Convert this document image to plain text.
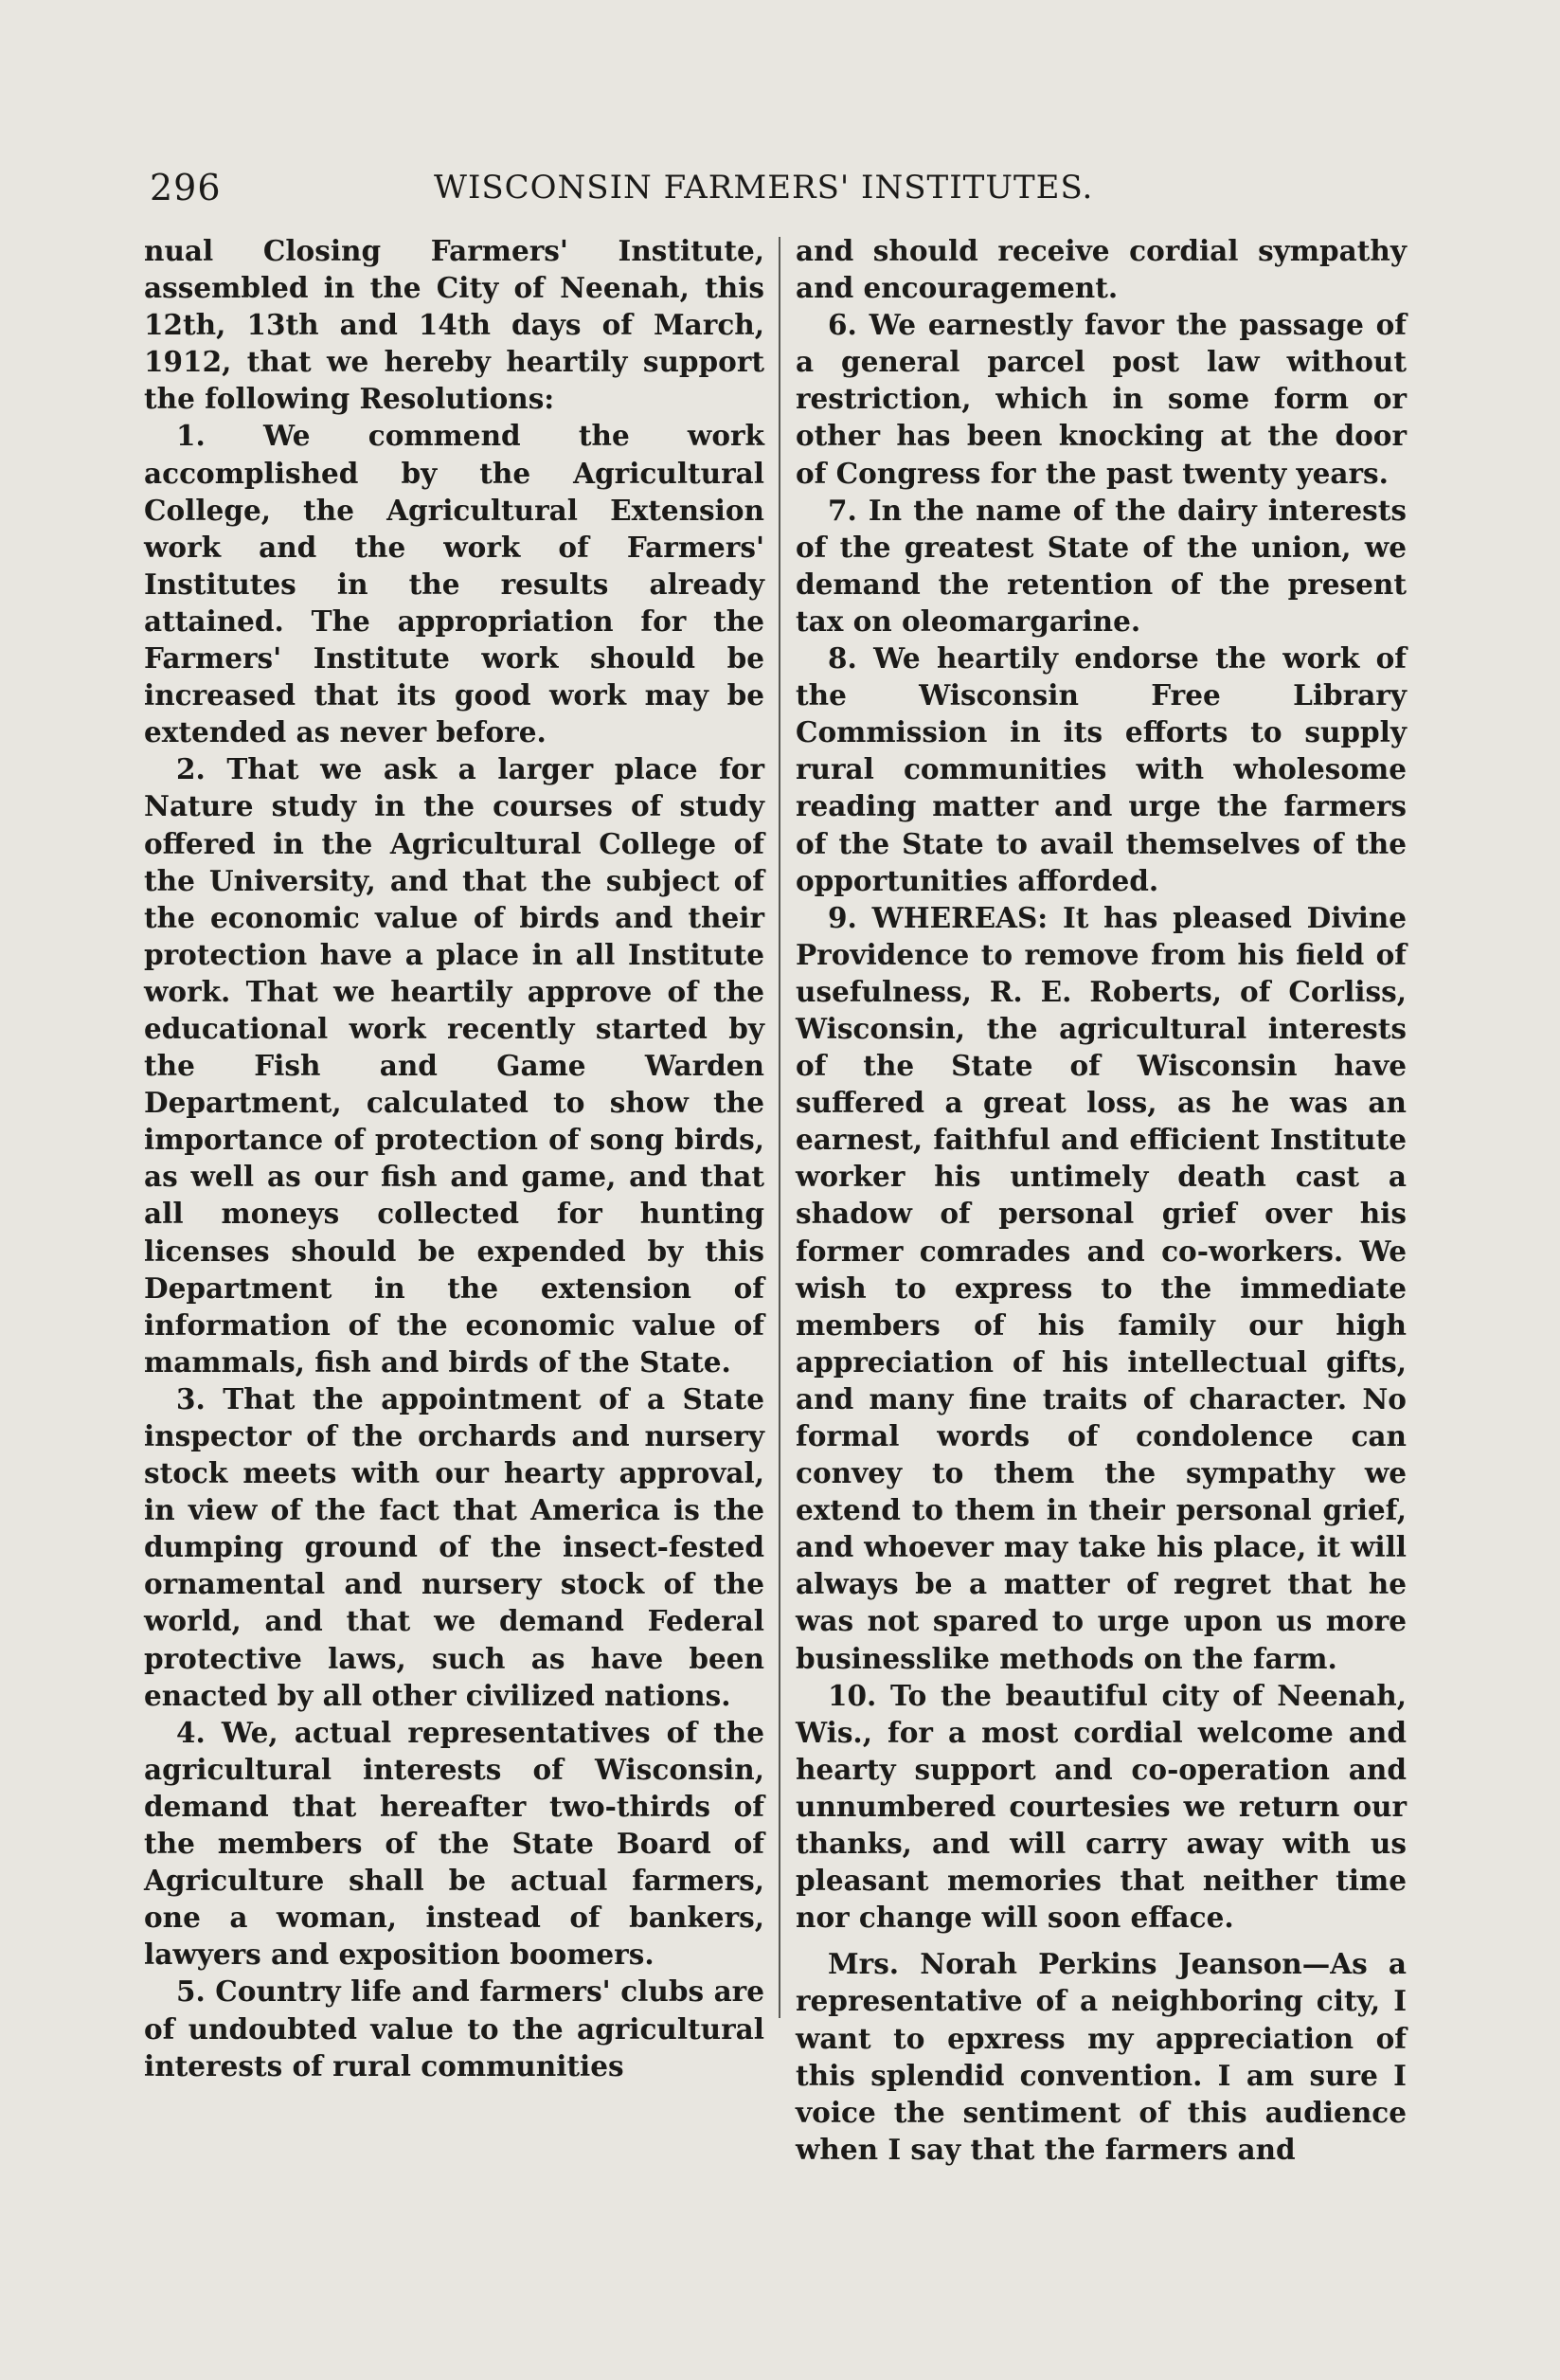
296	WISCONSIN FARMERS' INSTITUTES.

nual Closing Farmers' Institute, assembled in the City of Neenah, this 12th, 13th and 14th days of March, 1912, that we hereby heartily support the following Resolutions:

1. We commend the work accomplished by the Agricultural College, the Agricultural Extension work and the work of Farmers' Institutes in the results already attained. The appropriation for the Farmers' Institute work should be increased that its good work may be extended as never before.

2. That we ask a larger place for Nature study in the courses of study offered in the Agricultural College of the University, and that the subject of the economic value of birds and their protection have a place in all Institute work. That we heartily approve of the educational work recently started by the Fish and Game Warden Department, calculated to show the importance of protection of song birds, as well as our fish and game, and that all moneys collected for hunting licenses should be expended by this Department in the extension of information of the economic value of mammals, fish and birds of the State.

3. That the appointment of a State inspector of the orchards and nursery stock meets with our hearty approval, in view of the fact that America is the dumping ground of the insect-fested ornamental and nursery stock of the world, and that we demand Federal protective laws, such as have been enacted by all other civilized nations.

4. We, actual representatives of the agricultural interests of Wisconsin, demand that hereafter two-thirds of the members of the State Board of Agriculture shall be actual farmers, one a woman, instead of bankers, lawyers and exposition boomers.

5. Country life and farmers' clubs are of undoubted value to the agricultural interests of rural communities

and should receive cordial sympathy and encouragement.

6. We earnestly favor the passage of a general parcel post law without restriction, which in some form or other has been knocking at the door of Congress for the past twenty years.

7. In the name of the dairy interests of the greatest State of the union, we demand the retention of the present tax on oleomargarine.

8. We heartily endorse the work of the Wisconsin Free Library Commission in its efforts to supply rural communities with wholesome reading matter and urge the farmers of the State to avail themselves of the opportunities afforded.

9. WHEREAS: It has pleased Divine Providence to remove from his field of usefulness, R. E. Roberts, of Corliss, Wisconsin, the agricultural interests of the State of Wisconsin have suffered a great loss, as he was an earnest, faithful and efficient Institute worker his untimely death cast a shadow of personal grief over his former comrades and co-workers. We wish to express to the immediate members of his family our high appreciation of his intellectual gifts, and many fine traits of character. No formal words of condolence can convey to them the sympathy we extend to them in their personal grief, and whoever may take his place, it will always be a matter of regret that he was not spared to urge upon us more businesslike methods on the farm.

10. To the beautiful city of Neenah, Wis., for a most cordial welcome and hearty support and co-operation and unnumbered courtesies we return our thanks, and will carry away with us pleasant memories that neither time nor change will soon efface.

Mrs. Norah Perkins Jeanson—As a representative of a neighboring city, I want to epxress my appreciation of this splendid convention. I am sure I voice the sentiment of this audience when I say that the farmers and
